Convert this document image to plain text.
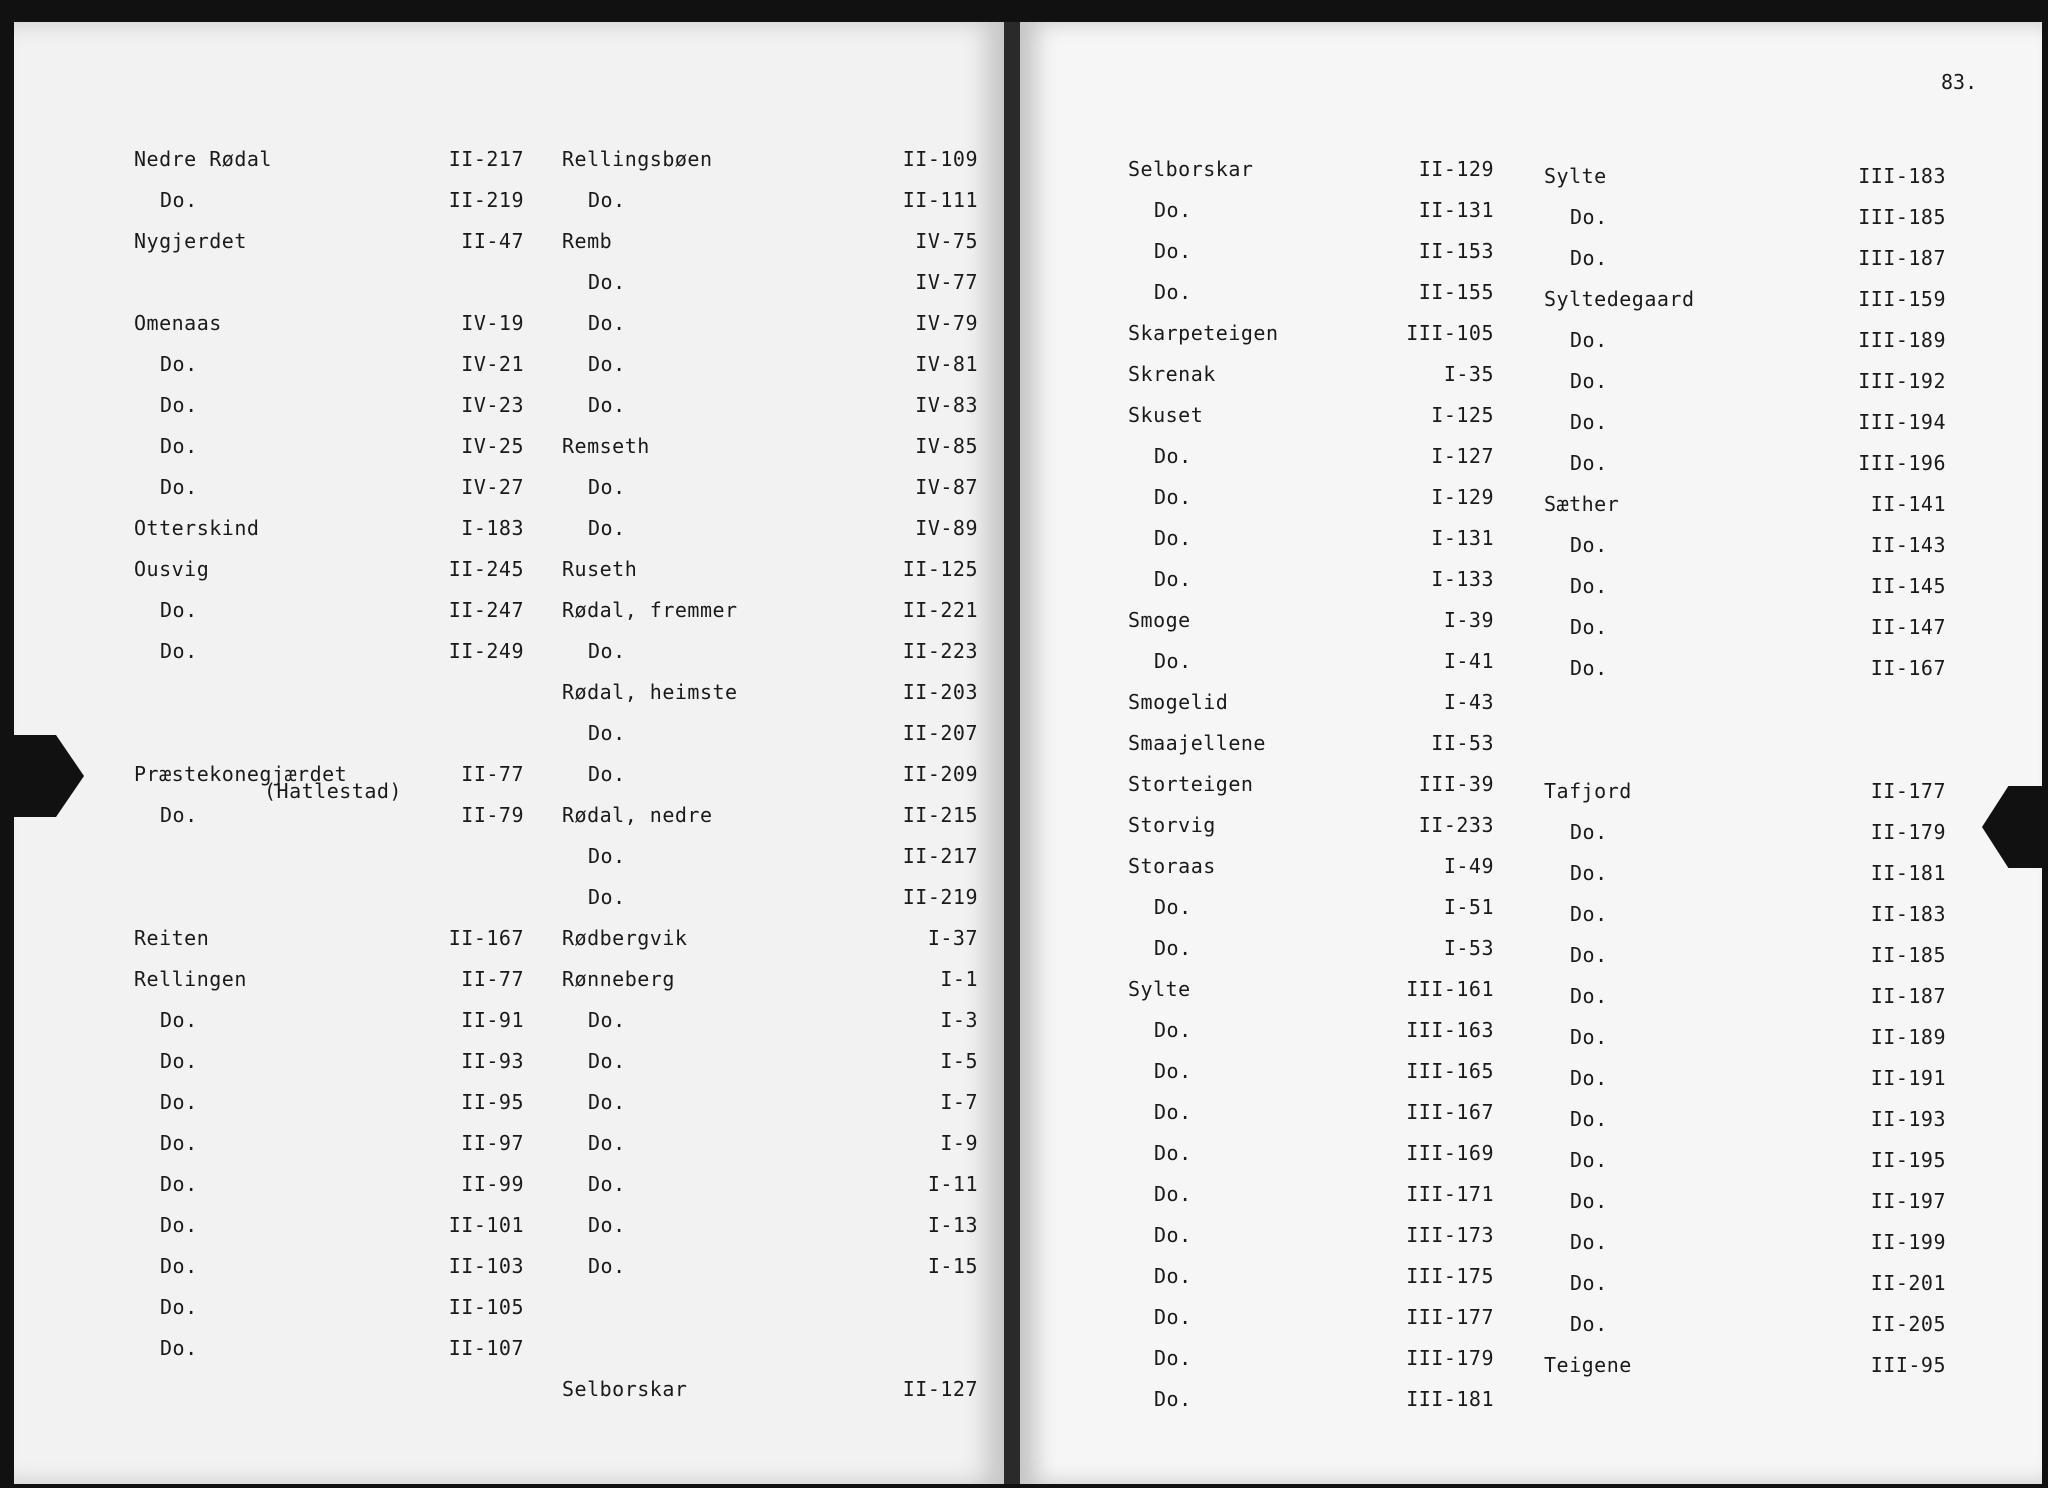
83.
Nedre Rødal	II-217
Do.	II-219
Nygjerdet	II-47
Omenaas	IV-19
Do.	IV-21
Do.	IV-23
Do.	IV-25
Do.	IV-27
Otterskind	I-183
Ousvig	II-245
Do.	II-247
Do.	II-249
Præstekonegjærdet	II-77
(Hatlestad)
Do.	II-79
Reiten	II-167
Rellingen	II-77
Do.	II-91
Do.	II-93
Do.	II-95
Do.	II-97
Do.	II-99
Do.	II-101
Do.	II-103
Do.	II-105
Do.	II-107
Rellingsbøen	II-109
Do.	II-111
Remb	IV-75
Do.	IV-77
Do.	IV-79
Do.	IV-81
Do.	IV-83
Remseth	IV-85
Do.	IV-87
Do.	IV-89
Ruseth	II-125
Rødal, fremmer	II-221
Do.	II-223
Rødal, heimste	II-203
Do.	II-207
Do.	II-209
Rødal, nedre	II-215
Do.	II-217
Do.	II-219
Rødbergvik	I-37
Rønneberg	I-1
Do.	I-3
Do.	I-5
Do.	I-7
Do.	I-9
Do.	I-11
Do.	I-13
Do.	I-15
Selborskar	II-127
Selborskar	II-129
Do.	II-131
Do.	II-153
Do.	II-155
Skarpeteigen	III-105
Skrenak	I-35
Skuset	I-125
Do.	I-127
Do.	I-129
Do.	I-131
Do.	I-133
Smoge	I-39
Do.	I-41
Smogelid	I-43
Smaajellene	II-53
Storteigen	III-39
Storvig	II-233
Storaas	I-49
Do.	I-51
Do.	I-53
Sylte	III-161
Do.	III-163
Do.	III-165
Do.	III-167
Do.	III-169
Do.	III-171
Do.	III-173
Do.	III-175
Do.	III-177
Do.	III-179
Do.	III-181
Sylte	III-183
Do.	III-185
Do.	III-187
Syltedegaard	III-159
Do.	III-189
Do.	III-192
Do.	III-194
Do.	III-196
Sæther	II-141
Do.	II-143
Do.	II-145
Do.	II-147
Do.	II-167
Tafjord	II-177
Do.	II-179
Do.	II-181
Do.	II-183
Do.	II-185
Do.	II-187
Do.	II-189
Do.	II-191
Do.	II-193
Do.	II-195
Do.	II-197
Do.	II-199
Do.	II-201
Do.	II-205
Teigene	III-95
